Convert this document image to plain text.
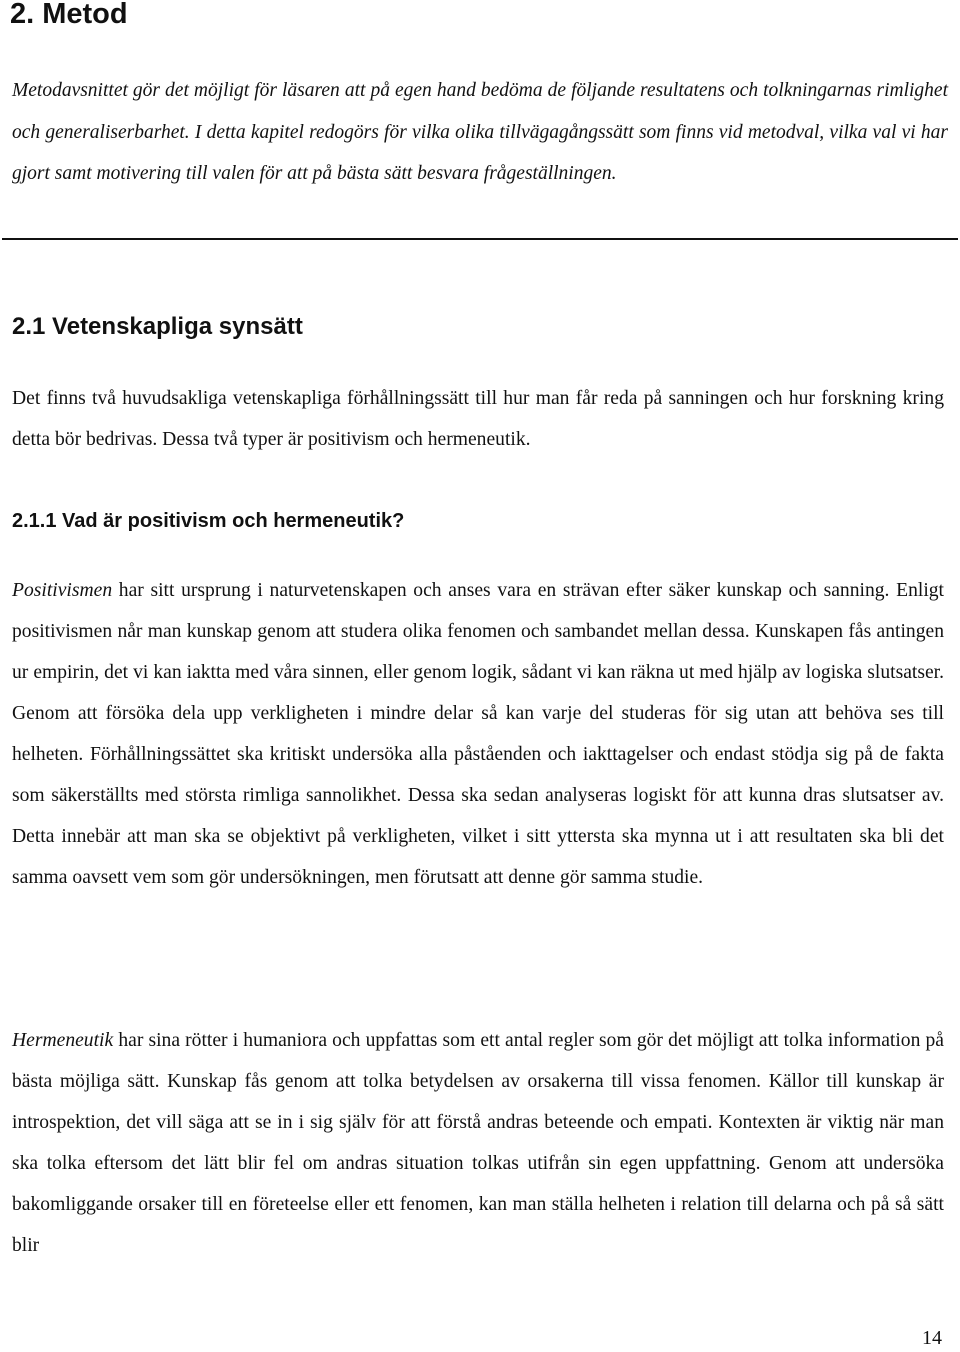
2. Metod

Metodavsnittet gör det möjligt för läsaren att på egen hand bedöma de följande resultatens och tolkningarnas rimlighet och generaliserbarhet. I detta kapitel redogörs för vilka olika tillvägagångssätt som finns vid metodval, vilka val vi har gjort samt motivering till valen för att på bästa sätt besvara frågeställningen.

2.1 Vetenskapliga synsätt

Det finns två huvudsakliga vetenskapliga förhållningssätt till hur man får reda på sanningen och hur forskning kring detta bör bedrivas. Dessa två typer är positivism och hermeneutik.

2.1.1 Vad är positivism och hermeneutik?

Positivismen har sitt ursprung i naturvetenskapen och anses vara en strävan efter säker kunskap och sanning. Enligt positivismen når man kunskap genom att studera olika fenomen och sambandet mellan dessa. Kunskapen fås antingen ur empirin, det vi kan iaktta med våra sinnen, eller genom logik, sådant vi kan räkna ut med hjälp av logiska slutsatser. Genom att försöka dela upp verkligheten i mindre delar så kan varje del studeras för sig utan att behöva ses till helheten. Förhållningssättet ska kritiskt undersöka alla påståenden och iakttagelser och endast stödja sig på de fakta som säkerställts med största rimliga sannolikhet. Dessa ska sedan analyseras logiskt för att kunna dras slutsatser av. Detta innebär att man ska se objektivt på verkligheten, vilket i sitt yttersta ska mynna ut i att resultaten ska bli det samma oavsett vem som gör undersökningen, men förutsatt att denne gör samma studie.

Hermeneutik har sina rötter i humaniora och uppfattas som ett antal regler som gör det möjligt att tolka information på bästa möjliga sätt. Kunskap fås genom att tolka betydelsen av orsakerna till vissa fenomen. Källor till kunskap är introspektion, det vill säga att se in i sig själv för att förstå andras beteende och empati. Kontexten är viktig när man ska tolka eftersom det lätt blir fel om andras situation tolkas utifrån sin egen uppfattning. Genom att undersöka bakomliggande orsaker till en företeelse eller ett fenomen, kan man ställa helheten i relation till delarna och på så sätt blir

14
